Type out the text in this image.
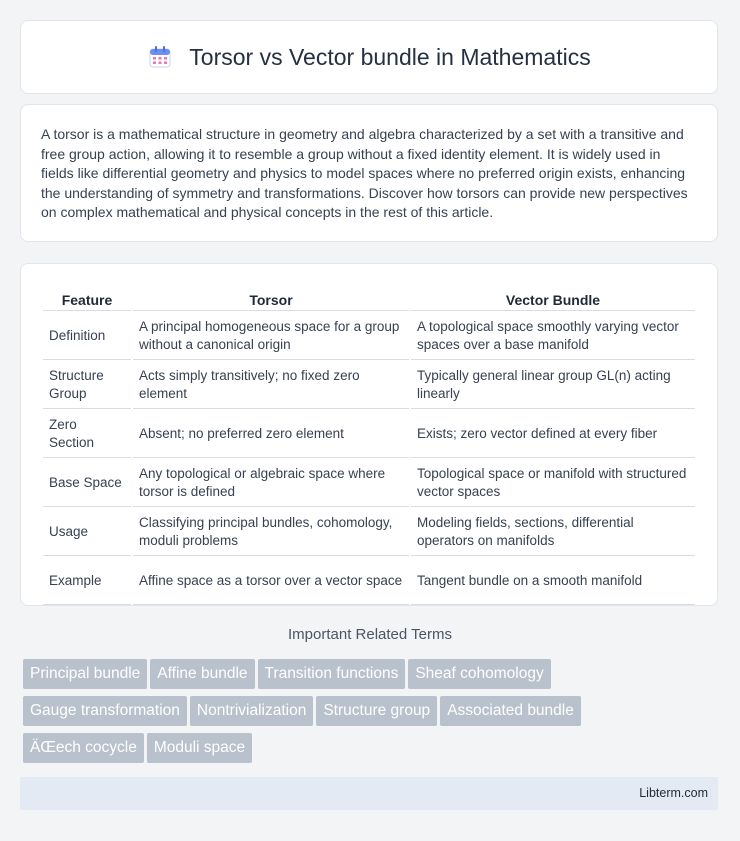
Torsor vs Vector bundle in Mathematics

A torsor is a mathematical structure in geometry and algebra characterized by a set with a transitive and free group action, allowing it to resemble a group without a fixed identity element. It is widely used in fields like differential geometry and physics to model spaces where no preferred origin exists, enhancing the understanding of symmetry and transformations. Discover how torsors can provide new perspectives on complex mathematical and physical concepts in the rest of this article.

Feature	Torsor	Vector Bundle
Definition	A principal homogeneous space for a group without a canonical origin	A topological space smoothly varying vector spaces over a base manifold
Structure Group	Acts simply transitively; no fixed zero element	Typically general linear group GL(n) acting linearly
Zero Section	Absent; no preferred zero element	Exists; zero vector defined at every fiber
Base Space	Any topological or algebraic space where torsor is defined	Topological space or manifold with structured vector spaces
Usage	Classifying principal bundles, cohomology, moduli problems	Modeling fields, sections, differential operators on manifolds
Example	Affine space as a torsor over a vector space	Tangent bundle on a smooth manifold
Important Related Terms
Principal bundle Affine bundle Transition functions Sheaf cohomology
Gauge transformation Nontrivialization Structure group Associated bundle
ÄŒech cocycle Moduli space
Libterm.com
